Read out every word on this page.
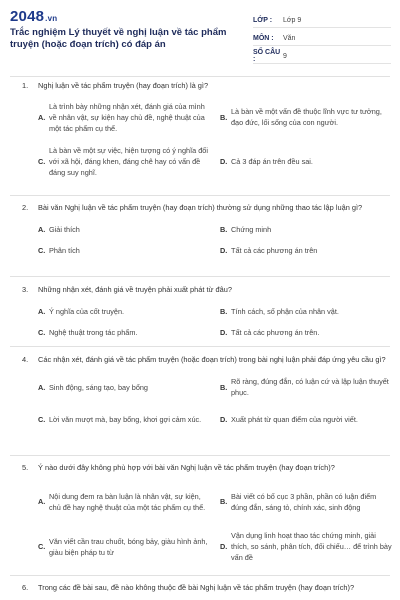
2048.vn
Trắc nghiệm Lý thuyết về nghị luận về tác phẩm truyện (hoặc đoạn trích) có đáp án
LỚP :	Lớp 9
MÔN :	Văn
SỐ CÂU :	9
1.	Nghị luận về tác phẩm truyện (hay đoạn trích) là gì?
A.
Là trình bày những nhận xét, đánh giá của mình về nhân vật, sự kiện hay chủ đề, nghệ thuật của một tác phẩm cụ thể.
B.
Là bàn về một vấn đề thuộc lĩnh vực tư tưởng, đạo đức, lối sống của con người.
C.
Là bàn về một sự việc, hiện tượng có ý nghĩa đối với xã hội, đáng khen, đáng chê hay có vấn đề đáng suy nghĩ.
D. Cả 3 đáp án trên đều sai.
2.	Bài văn Nghị luận về tác phẩm truyện (hay đoạn trích) thường sử dụng những thao tác lập luận gì?
A. Giải thích	B. Chứng minh
C. Phân tích	D. Tất cả các phương án trên
3.	Những nhận xét, đánh giá về truyện phải xuất phát từ đâu?
A. Ý nghĩa của cốt truyện.	B. Tính cách, số phận của nhân vật.
C. Nghệ thuật trong tác phẩm.	D. Tất cả các phương án trên.
4.	Các nhận xét, đánh giá về tác phẩm truyện (hoặc đoạn trích) trong bài nghị luận phải đáp ứng yêu cầu gì?
A. Sinh động, sáng tạo, bay bổng	B.
Rõ ràng, đúng đắn, có luận cứ và lập luận thuyết phục.
C. Lời văn mượt mà, bay bổng, khơi gợi cảm xúc.	D. Xuất phát từ quan điểm của người viết.
5.	Ý nào dưới đây không phù hợp với bài văn Nghị luận về tác phẩm truyện (hay đoạn trích)?
A.
Nội dung đem ra bàn luận là nhân vật, sự kiện, chủ đề hay nghệ thuật của một tác phẩm cụ thể.
B.
Bài viết có bố cục 3 phần, phần có luận điểm đúng đắn, sáng tỏ, chính xác, sinh động
C.
Văn viết cần trau chuốt, bóng bảy, giàu hình ảnh, giàu biện pháp tu từ
D.
Vận dụng linh hoạt thao tác chứng minh, giải thích, so sánh, phân tích, đối chiếu… để trình bày vấn đề
6.	Trong các đề bài sau, đề nào không thuộc đề bài Nghị luận về tác phẩm truyện (hay đoạn trích)?
